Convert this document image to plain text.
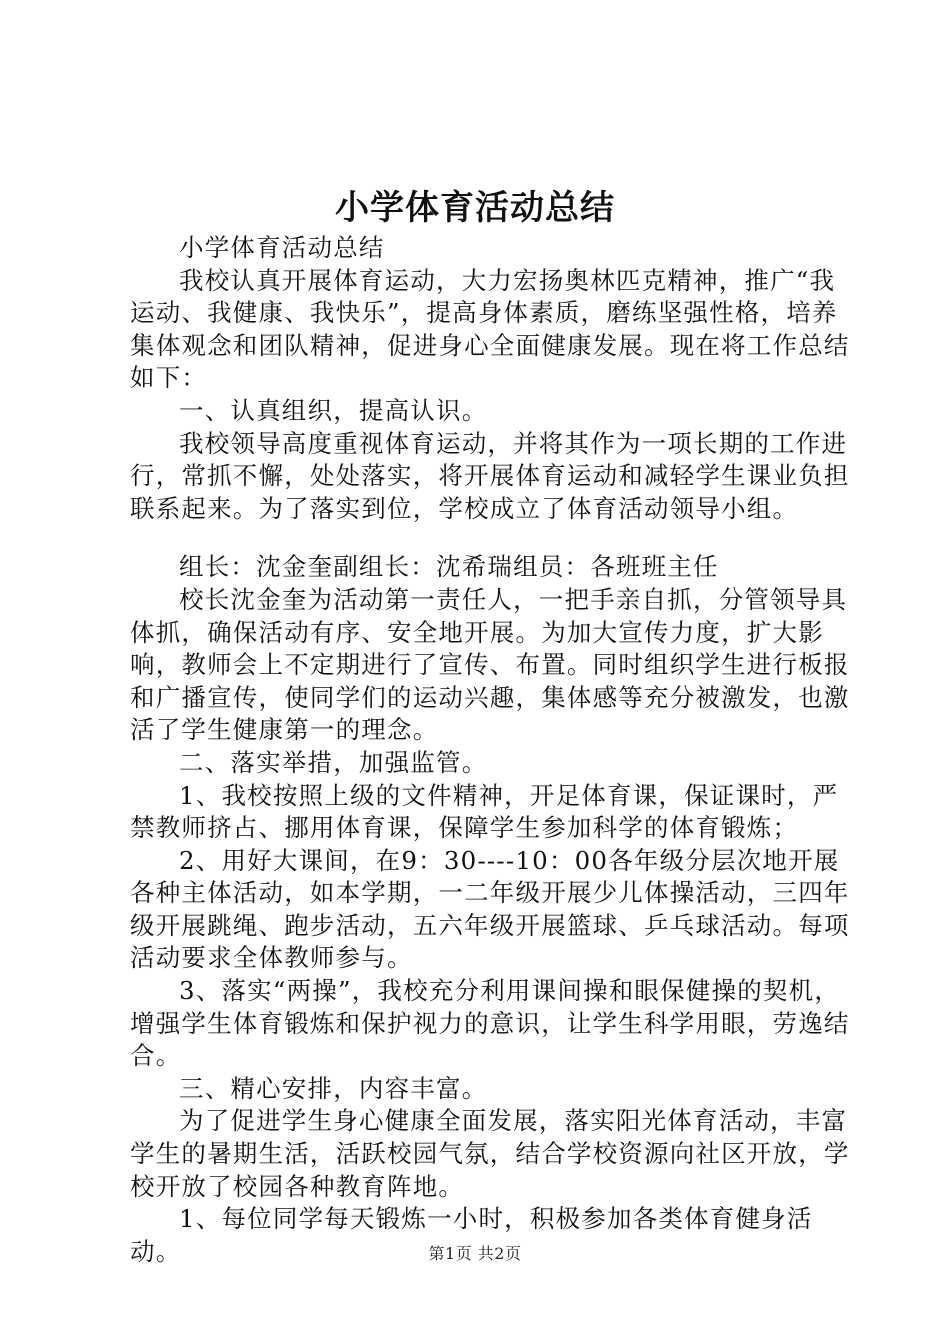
小学体育活动总结

小学体育活动总结

我校认真开展体育运动，大力宏扬奥林匹克精神，推广“我运动、我健康、我快乐”，提高身体素质，磨练坚强性格，培养集体观念和团队精神，促进身心全面健康发展。现在将工作总结如下：

一、认真组织，提高认识。

我校领导高度重视体育运动，并将其作为一项长期的工作进行，常抓不懈，处处落实，将开展体育运动和减轻学生课业负担联系起来。为了落实到位，学校成立了体育活动领导小组。

组长：沈金奎副组长：沈希瑞组员：各班班主任

校长沈金奎为活动第一责任人，一把手亲自抓，分管领导具体抓，确保活动有序、安全地开展。为加大宣传力度，扩大影响，教师会上不定期进行了宣传、布置。同时组织学生进行板报和广播宣传，使同学们的运动兴趣，集体感等充分被激发，也激活了学生健康第一的理念。

二、落实举措，加强监管。

1、我校按照上级的文件精神，开足体育课，保证课时，严禁教师挤占、挪用体育课，保障学生参加科学的体育锻炼；

2、用好大课间，在9：30----10：00各年级分层次地开展各种主体活动，如本学期，一二年级开展少儿体操活动，三四年级开展跳绳、跑步活动，五六年级开展篮球、乒乓球活动。每项活动要求全体教师参与。

3、落实“两操”，我校充分利用课间操和眼保健操的契机，增强学生体育锻炼和保护视力的意识，让学生科学用眼，劳逸结合。

三、精心安排，内容丰富。

为了促进学生身心健康全面发展，落实阳光体育活动，丰富学生的暑期生活，活跃校园气氛，结合学校资源向社区开放，学校开放了校园各种教育阵地。

1、每位同学每天锻炼一小时，积极参加各类体育健身活动。	第1页 共2页
